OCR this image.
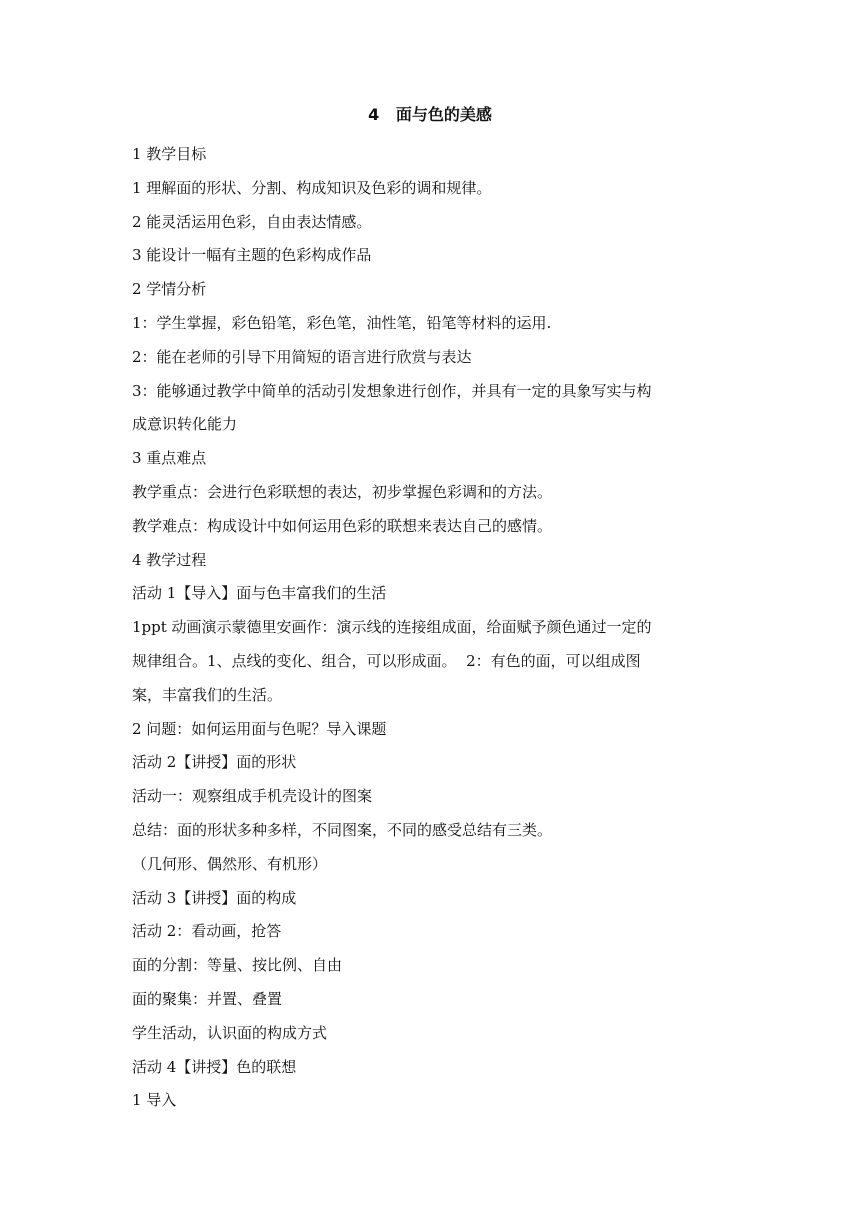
4   面与色的美感

1 教学目标

1 理解面的形状、分割、构成知识及色彩的调和规律。

2 能灵活运用色彩，自由表达情感。

3 能设计一幅有主题的色彩构成作品

2 学情分析

1：学生掌握，彩色铅笔，彩色笔，油性笔，铅笔等材料的运用.

2：能在老师的引导下用简短的语言进行欣赏与表达

3：能够通过教学中简单的活动引发想象进行创作，并具有一定的具象写实与构

成意识转化能力

3 重点难点

教学重点：会进行色彩联想的表达，初步掌握色彩调和的方法。

教学难点：构成设计中如何运用色彩的联想来表达自己的感情。

4 教学过程

活动 1【导入】面与色丰富我们的生活

1ppt 动画演示蒙德里安画作：演示线的连接组成面，给面赋予颜色通过一定的

规律组合。1、点线的变化、组合，可以形成面。  2：有色的面，可以组成图

案，丰富我们的生活。

2 问题：如何运用面与色呢？导入课题

活动 2【讲授】面的形状

活动一：观察组成手机壳设计的图案

总结：面的形状多种多样，不同图案，不同的感受总结有三类。

（几何形、偶然形、有机形）

活动 3【讲授】面的构成

活动 2：看动画，抢答

面的分割：等量、按比例、自由

面的聚集：并置、叠置

学生活动，认识面的构成方式

活动 4【讲授】色的联想

1 导入
